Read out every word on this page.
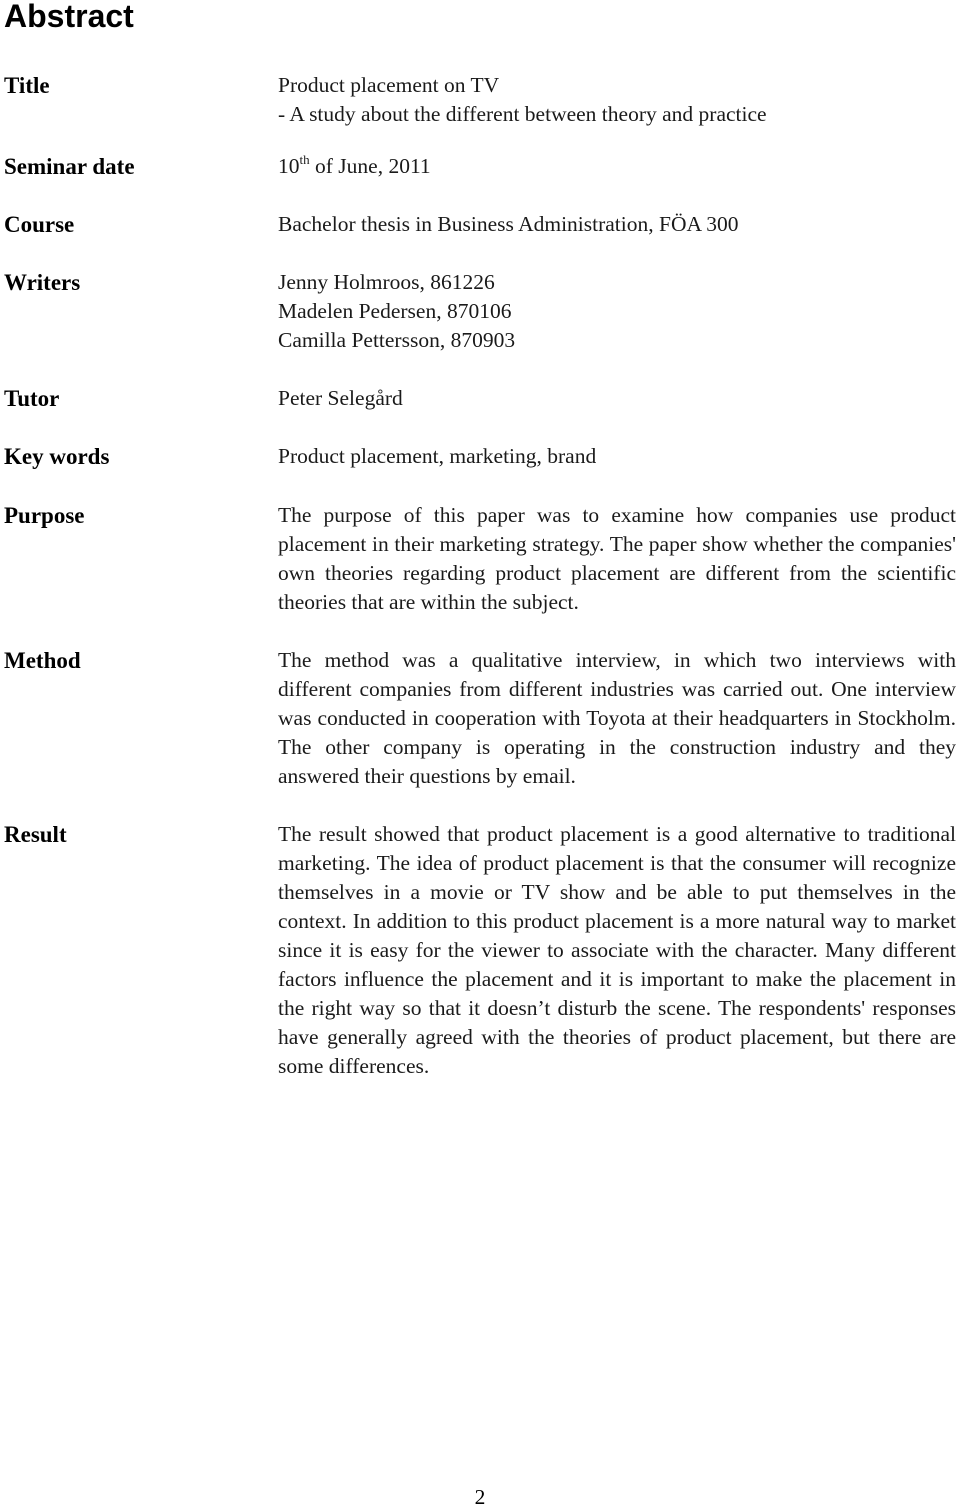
Abstract
Title	Product placement on TV
- A study about the different between theory and practice
Seminar date	10th of June, 2011
Course	Bachelor thesis in Business Administration, FÖA 300
Writers	Jenny Holmroos, 861226
Madelen Pedersen, 870106
Camilla Pettersson, 870903
Tutor	Peter Selegård
Key words	Product placement, marketing, brand
Purpose	The purpose of this paper was to examine how companies use product placement in their marketing strategy. The paper show whether the companies' own theories regarding product placement are different from the scientific theories that are within the subject.
Method	The method was a qualitative interview, in which two interviews with different companies from different industries was carried out. One interview was conducted in cooperation with Toyota at their headquarters in Stockholm. The other company is operating in the construction industry and they answered their questions by email.
Result	The result showed that product placement is a good alternative to traditional marketing. The idea of product placement is that the consumer will recognize themselves in a movie or TV show and be able to put themselves in the context. In addition to this product placement is a more natural way to market since it is easy for the viewer to associate with the character. Many different factors influence the placement and it is important to make the placement in the right way so that it doesn’t disturb the scene. The respondents' responses have generally agreed with the theories of product placement, but there are some differences.
2
